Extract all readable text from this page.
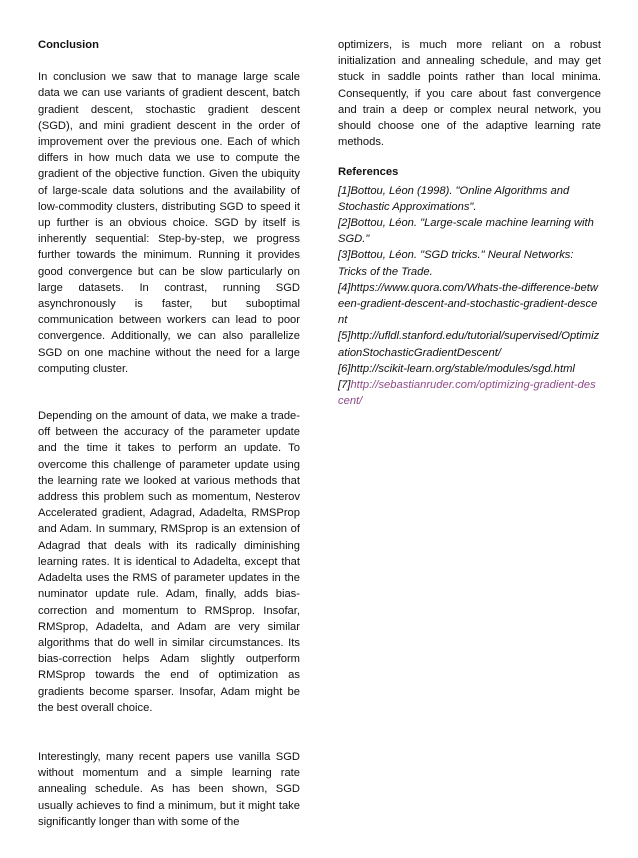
Conclusion
In conclusion we saw that to manage large scale data we can use variants of gradient descent, batch gradient descent, stochastic gradient descent (SGD), and mini gradient descent in the order of improvement over the previous one. Each of which differs in how much data we use to compute the gradient of the objective function. Given the ubiquity of large-scale data solutions and the availability of low-commodity clusters, distributing SGD to speed it up further is an obvious choice. SGD by itself is inherently sequential: Step-by-step, we progress further towards the minimum. Running it provides good convergence but can be slow particularly on large datasets. In contrast, running SGD asynchronously is faster, but suboptimal communication between workers can lead to poor convergence. Additionally, we can also parallelize SGD on one machine without the need for a large computing cluster.
Depending on the amount of data, we make a trade-off between the accuracy of the parameter update and the time it takes to perform an update. To overcome this challenge of parameter update using the learning rate we looked at various methods that address this problem such as momentum, Nesterov Accelerated gradient, Adagrad, Adadelta, RMSProp and Adam. In summary, RMSprop is an extension of Adagrad that deals with its radically diminishing learning rates. It is identical to Adadelta, except that Adadelta uses the RMS of parameter updates in the numinator update rule. Adam, finally, adds bias-correction and momentum to RMSprop. Insofar, RMSprop, Adadelta, and Adam are very similar algorithms that do well in similar circumstances. Its bias-correction helps Adam slightly outperform RMSprop towards the end of optimization as gradients become sparser. Insofar, Adam might be the best overall choice.
Interestingly, many recent papers use vanilla SGD without momentum and a simple learning rate annealing schedule. As has been shown, SGD usually achieves to find a minimum, but it might take significantly longer than with some of the
optimizers, is much more reliant on a robust initialization and annealing schedule, and may get stuck in saddle points rather than local minima. Consequently, if you care about fast convergence and train a deep or complex neural network, you should choose one of the adaptive learning rate methods.
References
[1]Bottou, Léon (1998). "Online Algorithms and Stochastic Approximations".
[2]Bottou, Léon. "Large-scale machine learning with SGD."
[3]Bottou, Léon. "SGD tricks." Neural Networks: Tricks of the Trade.
[4]https://www.quora.com/Whats-the-difference-between-gradient-descent-and-stochastic-gradient-descent
[5]http://ufldl.stanford.edu/tutorial/supervised/OptimizationStochasticGradientDescent/
[6]http://scikit-learn.org/stable/modules/sgd.html
[7]http://sebastianruder.com/optimizing-gradient-descent/
